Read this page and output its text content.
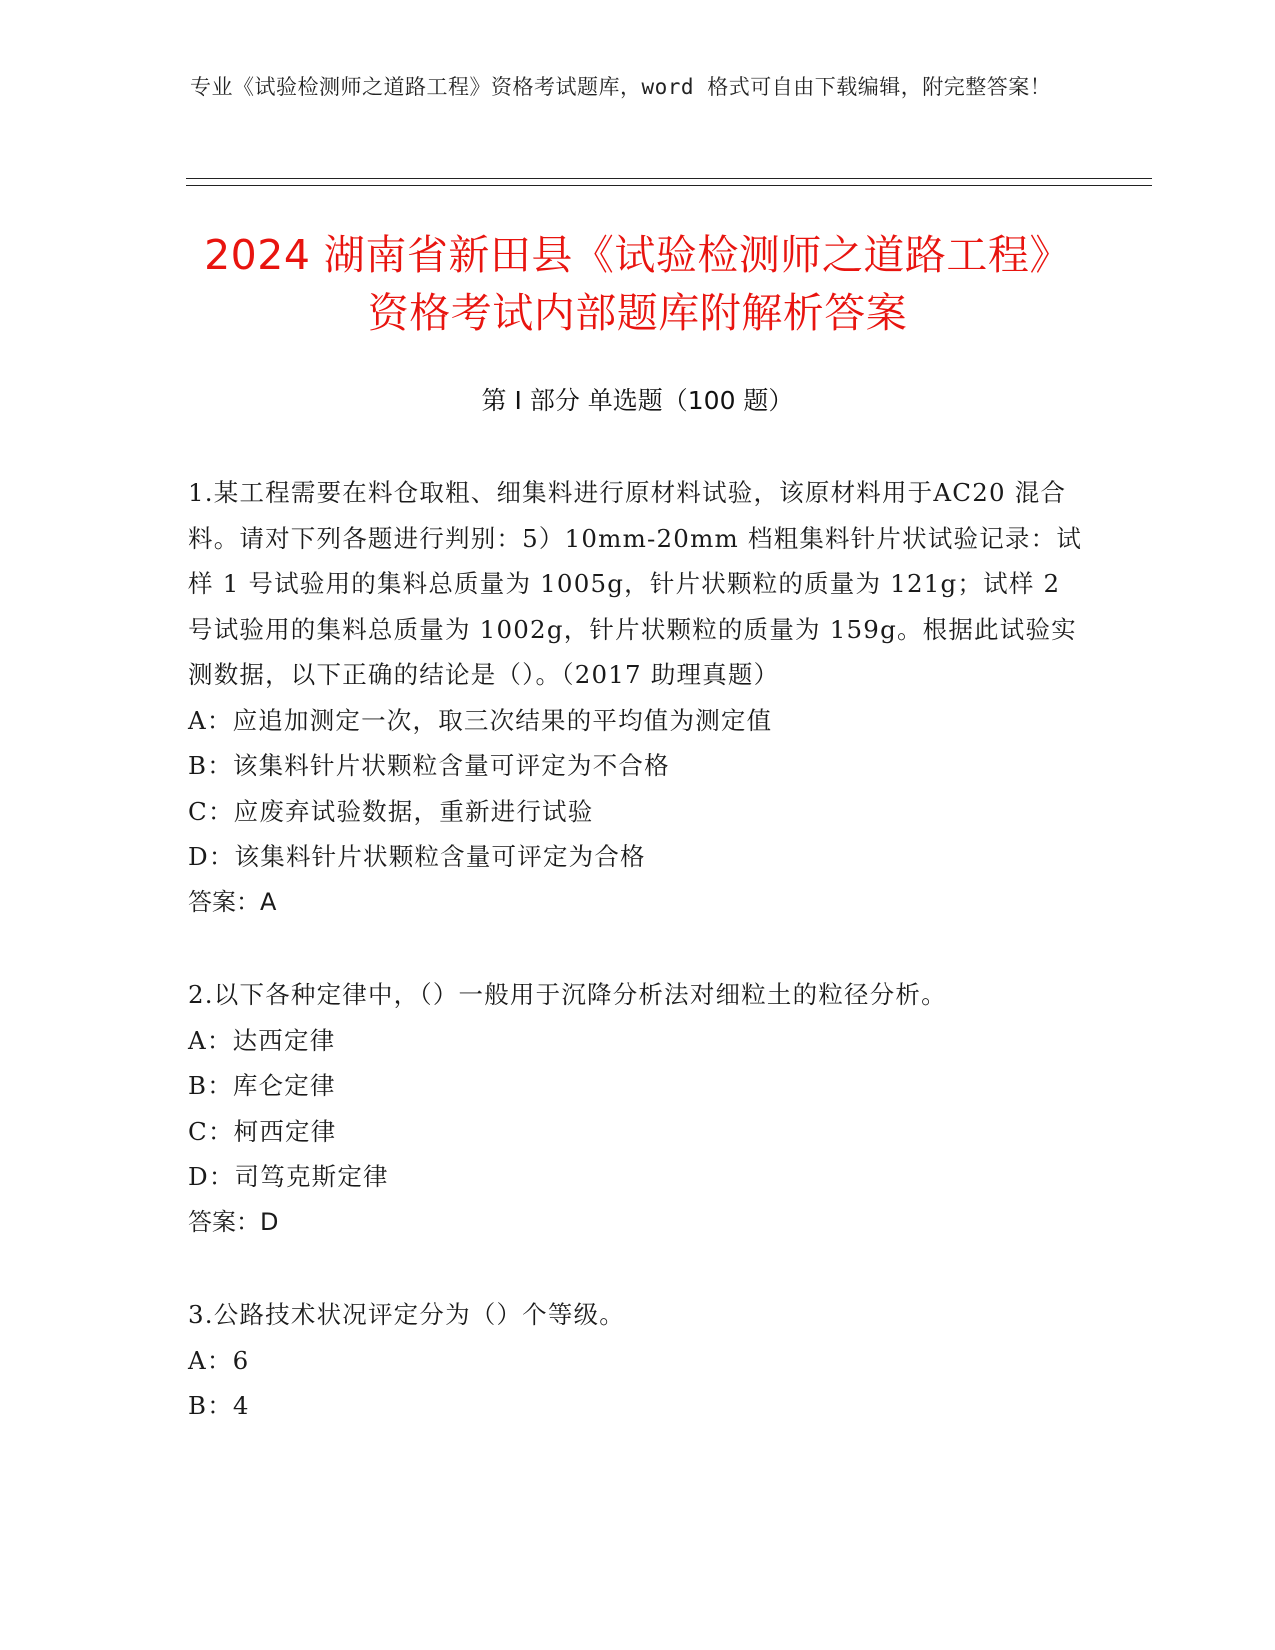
专业《试验检测师之道路工程》资格考试题库，word 格式可自由下载编辑，附完整答案！
2024 湖南省新田县《试验检测师之道路工程》资格考试内部题库附解析答案
第 I 部分 单选题（100 题）
1.某工程需要在料仓取粗、细集料进行原材料试验，该原材料用于AC20 混合料。请对下列各题进行判别：5）10mm-20mm 档粗集料针片状试验记录：试样 1 号试验用的集料总质量为 1005g，针片状颗粒的质量为 121g；试样 2 号试验用的集料总质量为 1002g，针片状颗粒的质量为 159g。根据此试验实测数据，以下正确的结论是（）。（2017 助理真题）
A：应追加测定一次，取三次结果的平均值为测定值
B：该集料针片状颗粒含量可评定为不合格
C：应废弃试验数据，重新进行试验
D：该集料针片状颗粒含量可评定为合格
答案：A
2.以下各种定律中，（）一般用于沉降分析法对细粒土的粒径分析。
A：达西定律
B：库仑定律
C：柯西定律
D：司笃克斯定律
答案：D
3.公路技术状况评定分为（）个等级。
A：6
B：4
